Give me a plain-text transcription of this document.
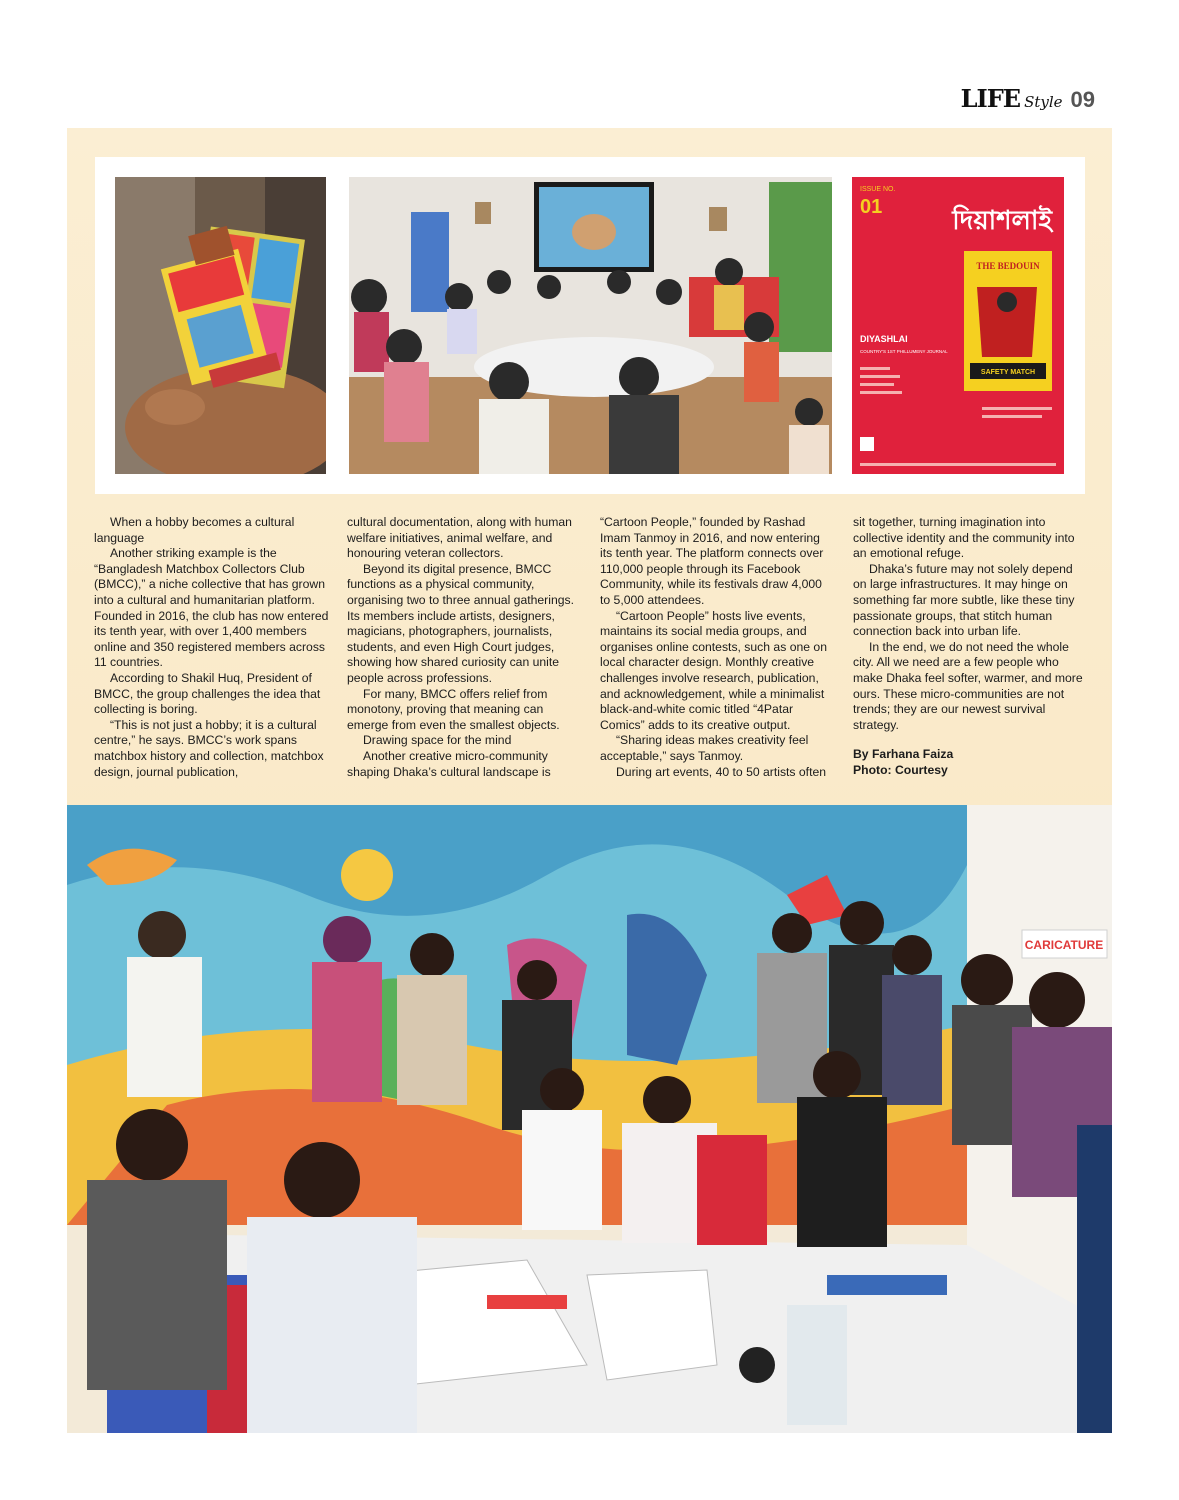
LIFE Style 09
ISSUE NO.
01	দিয়াশলাই
THE BEDOUIN
SAFETY MATCH
DIYASHLAI
COUNTRY'S 1ST PHILLUMENY JOURNAL

When a hobby becomes a cultural language

Another striking example is the “Bangladesh Matchbox Collectors Club (BMCC),” a niche collective that has grown into a cultural and humanitarian platform. Founded in 2016, the club has now entered its tenth year, with over 1,400 members online and 350 registered members across 11 countries.

According to Shakil Huq, President of BMCC, the group challenges the idea that collecting is boring.

“This is not just a hobby; it is a cultural centre,” he says. BMCC’s work spans matchbox history and collection, matchbox design, journal publication,

cultural documentation, along with human welfare initiatives, animal welfare, and honouring veteran collectors.

Beyond its digital presence, BMCC functions as a physical community, organising two to three annual gatherings. Its members include artists, designers, magicians, photographers, journalists, students, and even High Court judges, showing how shared curiosity can unite people across professions.

For many, BMCC offers relief from monotony, proving that meaning can emerge from even the smallest objects.

Drawing space for the mind

Another creative micro-community shaping Dhaka’s cultural landscape is

“Cartoon People,” founded by Rashad Imam Tanmoy in 2016, and now entering its tenth year. The platform connects over 110,000 people through its Facebook Community, while its festivals draw 4,000 to 5,000 attendees.

“Cartoon People” hosts live events, maintains its social media groups, and organises online contests, such as one on local character design. Monthly creative challenges involve research, publication, and acknowledgement, while a minimalist black-and-white comic titled “4Patar Comics” adds to its creative output.

“Sharing ideas makes creativity feel acceptable,” says Tanmoy.

During art events, 40 to 50 artists often

sit together, turning imagination into collective identity and the community into an emotional refuge.

Dhaka’s future may not solely depend on large infrastructures. It may hinge on something far more subtle, like these tiny passionate groups, that stitch human connection back into urban life.

In the end, we do not need the whole city. All we need are a few people who make Dhaka feel softer, warmer, and more ours. These micro-communities are not trends; they are our newest survival strategy.

By Farhana Faiza
Photo: Courtesy
CARICATURE
